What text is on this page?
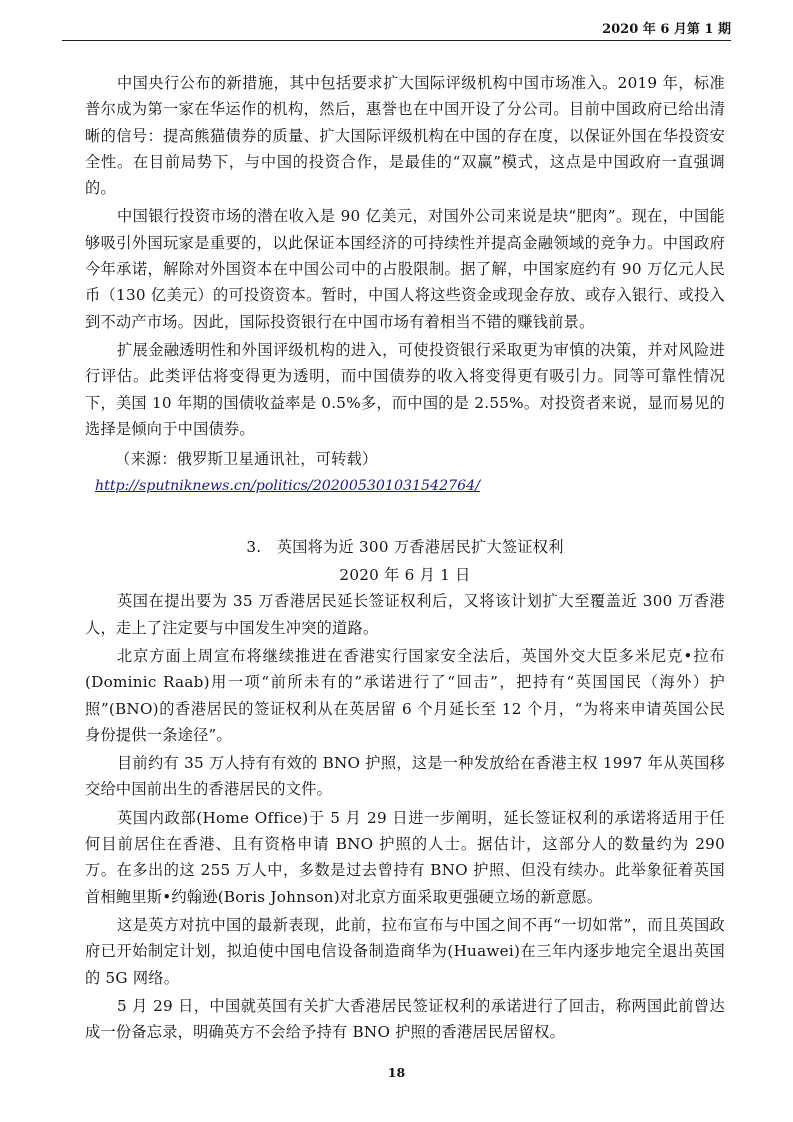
2020 年 6 月第 1 期

中国央行公布的新措施，其中包括要求扩大国际评级机构中国市场准入。2019 年，标准普尔成为第一家在华运作的机构，然后，惠誉也在中国开设了分公司。目前中国政府已给出清晰的信号：提高熊猫债券的质量、扩大国际评级机构在中国的存在度，以保证外国在华投资安全性。在目前局势下，与中国的投资合作，是最佳的“双赢”模式，这点是中国政府一直强调的。

中国银行投资市场的潜在收入是 90 亿美元，对国外公司来说是块“肥肉”。现在，中国能够吸引外国玩家是重要的，以此保证本国经济的可持续性并提高金融领域的竞争力。中国政府今年承诺，解除对外国资本在中国公司中的占股限制。据了解，中国家庭约有 90 万亿元人民币（130 亿美元）的可投资资本。暂时，中国人将这些资金或现金存放、或存入银行、或投入到不动产市场。因此，国际投资银行在中国市场有着相当不错的赚钱前景。

扩展金融透明性和外国评级机构的进入，可使投资银行采取更为审慎的决策，并对风险进行评估。此类评估将变得更为透明，而中国债券的收入将变得更有吸引力。同等可靠性情况下，美国 10 年期的国债收益率是 0.5%多，而中国的是 2.55%。对投资者来说，显而易见的选择是倾向于中国债券。

（来源：俄罗斯卫星通讯社，可转载）

http://sputniknews.cn/politics/202005301031542764/
3.　英国将为近 300 万香港居民扩大签证权利
2020 年 6 月 1 日

英国在提出要为 35 万香港居民延长签证权利后，又将该计划扩大至覆盖近 300 万香港人，走上了注定要与中国发生冲突的道路。

北京方面上周宣布将继续推进在香港实行国家安全法后，英国外交大臣多米尼克•拉布(Dominic Raab)用一项“前所未有的”承诺进行了“回击”，把持有“英国国民（海外）护照”(BNO)的香港居民的签证权利从在英居留 6 个月延长至 12 个月，“为将来申请英国公民身份提供一条途径”。

目前约有 35 万人持有有效的 BNO 护照，这是一种发放给在香港主权 1997 年从英国移交给中国前出生的香港居民的文件。

英国内政部(Home Office)于 5 月 29 日进一步阐明，延长签证权利的承诺将适用于任何目前居住在香港、且有资格申请 BNO 护照的人士。据估计，这部分人的数量约为 290 万。在多出的这 255 万人中，多数是过去曾持有 BNO 护照、但没有续办。此举象征着英国首相鲍里斯•约翰逊(Boris Johnson)对北京方面采取更强硬立场的新意愿。

这是英方对抗中国的最新表现，此前，拉布宣布与中国之间不再“一切如常”，而且英国政府已开始制定计划，拟迫使中国电信设备制造商华为(Huawei)在三年内逐步地完全退出英国的 5G 网络。

5 月 29 日，中国就英国有关扩大香港居民签证权利的承诺进行了回击，称两国此前曾达成一份备忘录，明确英方不会给予持有 BNO 护照的香港居民居留权。

18
